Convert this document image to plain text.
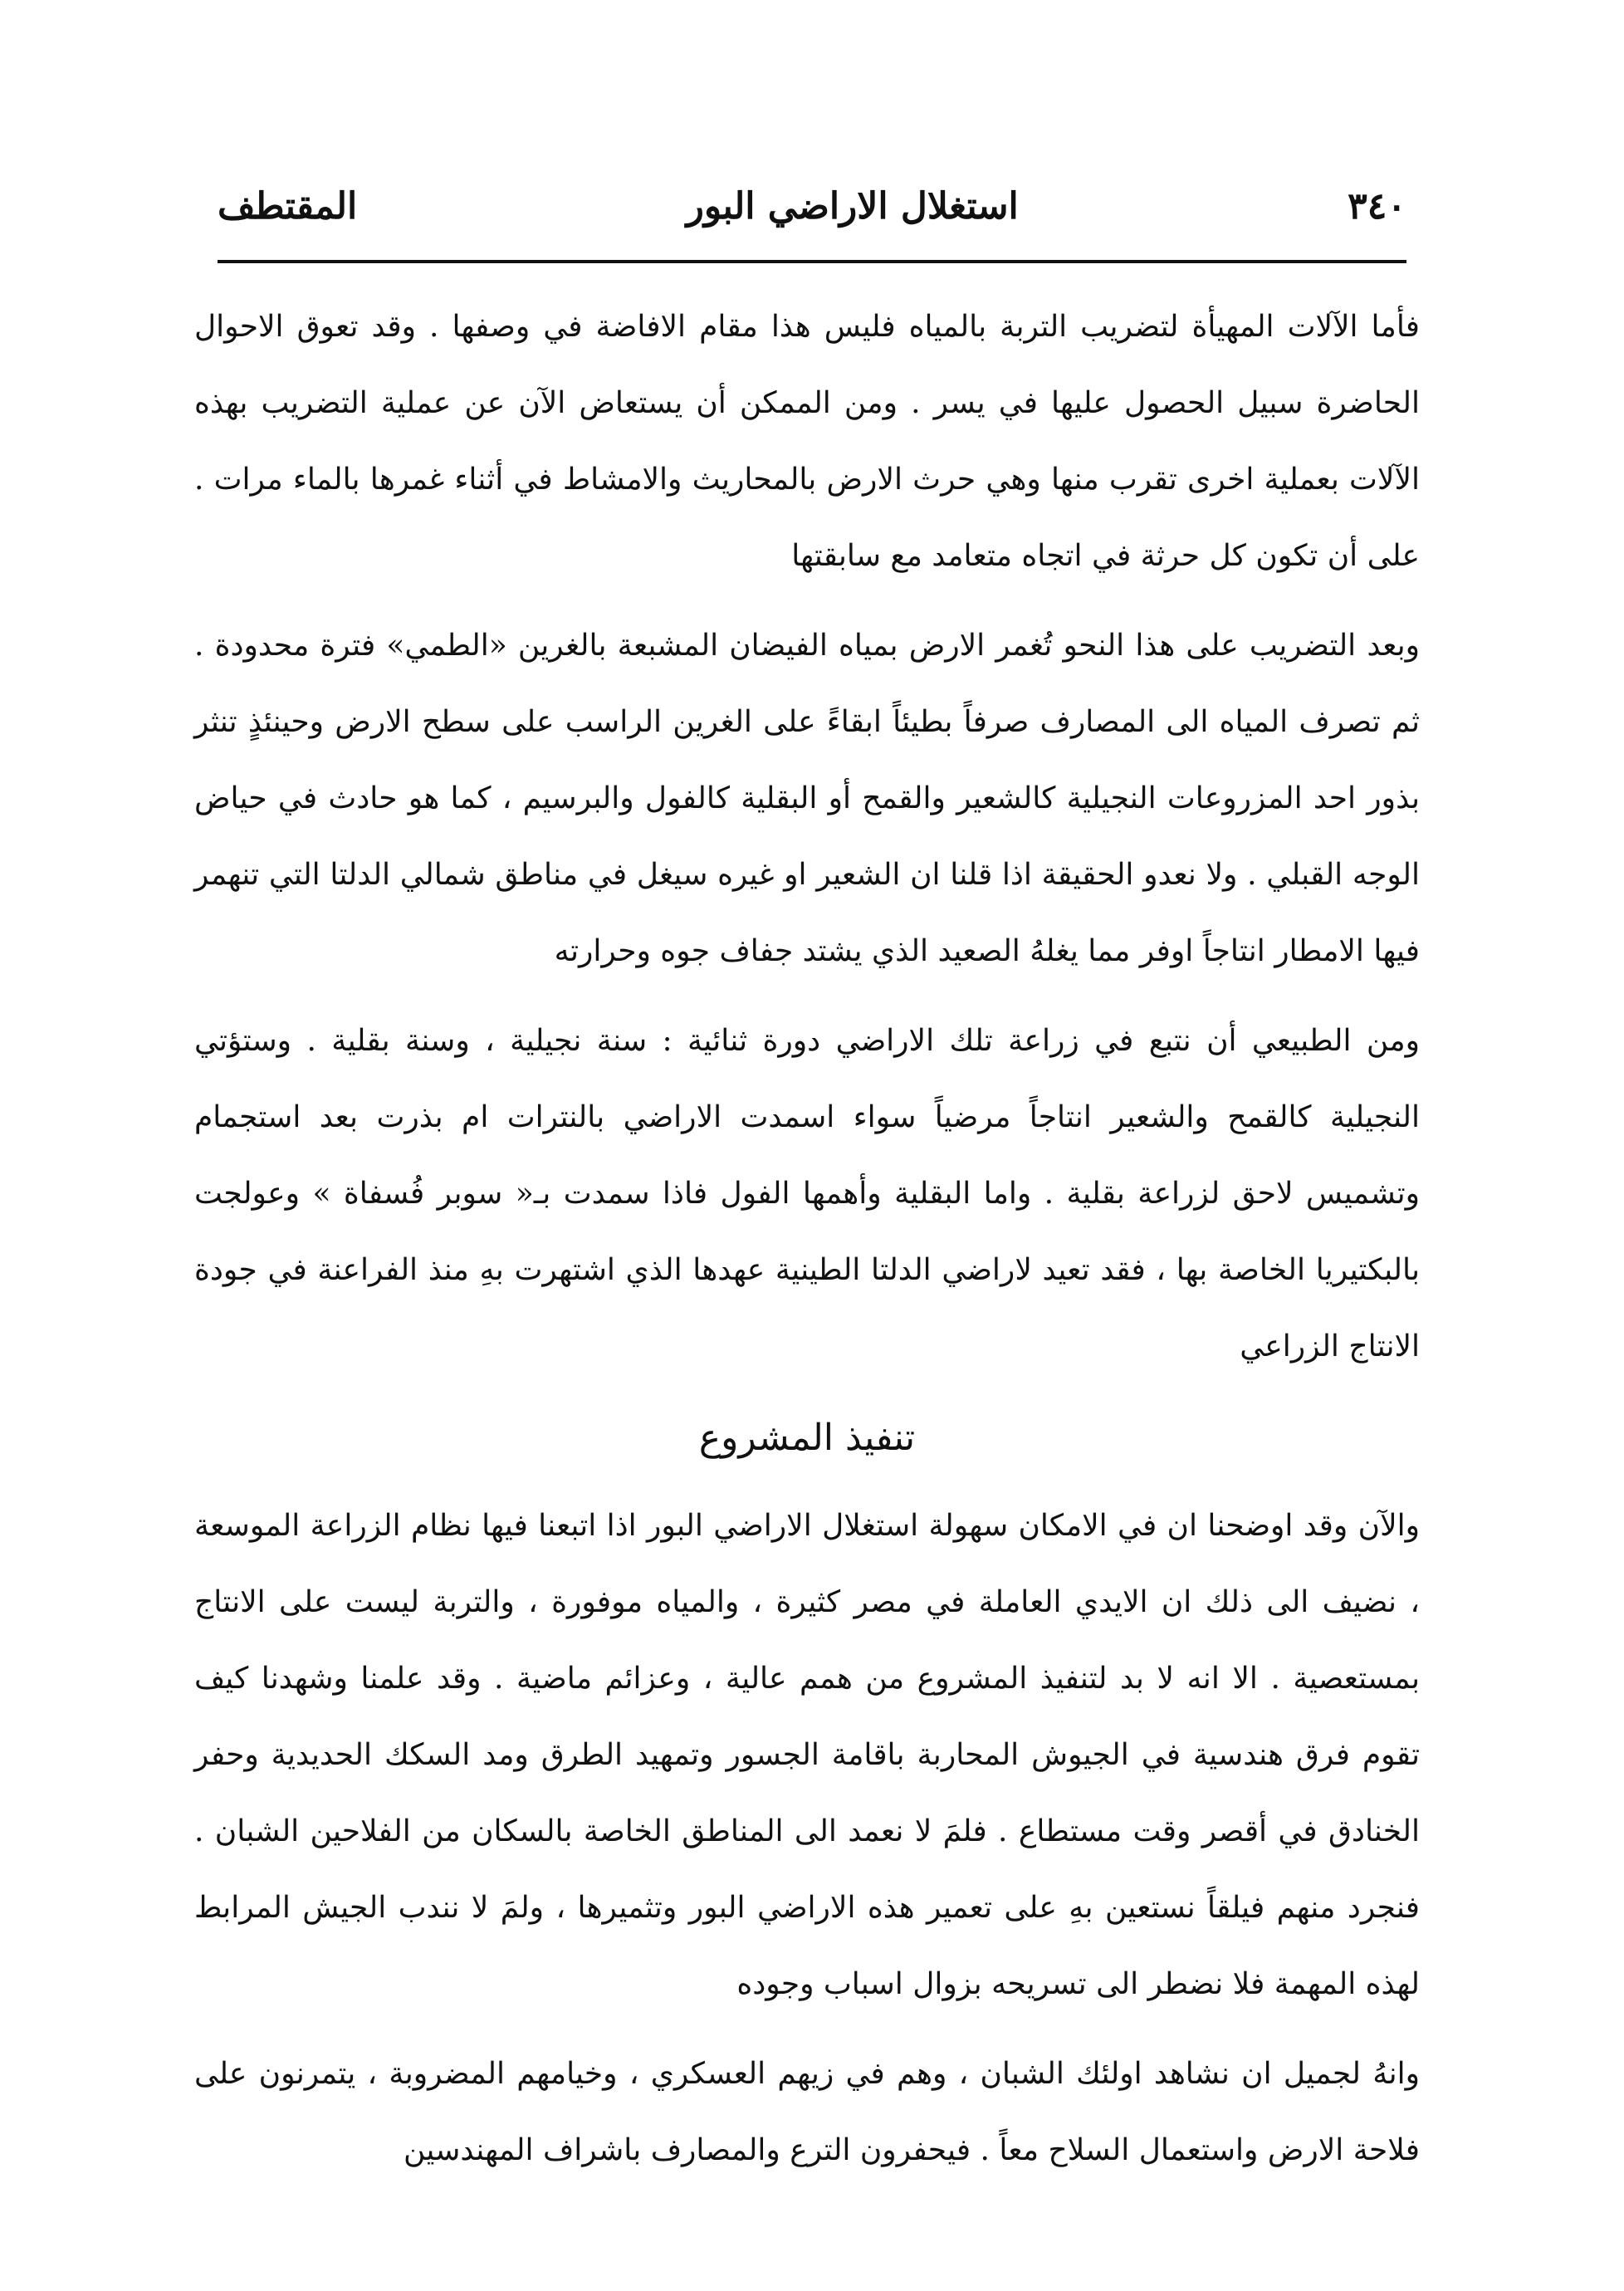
المقتطف	استغلال الاراضي البور	٣٤٠

فأما الآلات المهيأة لتضريب التربة بالمياه فليس هذا مقام الافاضة في وصفها . وقد تعوق الاحوال الحاضرة سبيل الحصول عليها في يسر . ومن الممكن أن يستعاض الآن عن عملية التضريب بهذه الآلات بعملية اخرى تقرب منها وهي حرث الارض بالمحاريث والامشاط في أثناء غمرها بالماء مرات . على أن تكون كل حرثة في اتجاه متعامد مع سابقتها

وبعد التضريب على هذا النحو تُغمر الارض بمياه الفيضان المشبعة بالغرين «الطمي» فترة محدودة . ثم تصرف المياه الى المصارف صرفاً بطيئاً ابقاءً على الغرين الراسب على سطح الارض وحينئذٍ تنثر بذور احد المزروعات النجيلية كالشعير والقمح أو البقلية كالفول والبرسيم ، كما هو حادث في حياض الوجه القبلي . ولا نعدو الحقيقة اذا قلنا ان الشعير او غيره سيغل في مناطق شمالي الدلتا التي تنهمر فيها الامطار انتاجاً اوفر مما يغلهُ الصعيد الذي يشتد جفاف جوه وحرارته

ومن الطبيعي أن نتبع في زراعة تلك الاراضي دورة ثنائية : سنة نجيلية ، وسنة بقلية . وستؤتي النجيلية كالقمح والشعير انتاجاً مرضياً سواء اسمدت الاراضي بالنترات ام بذرت بعد استجمام وتشميس لاحق لزراعة بقلية . واما البقلية وأهمها الفول فاذا سمدت بـ« سوبر فُسفاة » وعولجت بالبكتيريا الخاصة بها ، فقد تعيد لاراضي الدلتا الطينية عهدها الذي اشتهرت بهِ منذ الفراعنة في جودة الانتاج الزراعي

تنفيذ المشروع

والآن وقد اوضحنا ان في الامكان سهولة استغلال الاراضي البور اذا اتبعنا فيها نظام الزراعة الموسعة ، نضيف الى ذلك ان الايدي العاملة في مصر كثيرة ، والمياه موفورة ، والتربة ليست على الانتاج بمستعصية . الا انه لا بد لتنفيذ المشروع من همم عالية ، وعزائم ماضية . وقد علمنا وشهدنا كيف تقوم فرق هندسية في الجيوش المحاربة باقامة الجسور وتمهيد الطرق ومد السكك الحديدية وحفر الخنادق في أقصر وقت مستطاع . فلمَ لا نعمد الى المناطق الخاصة بالسكان من الفلاحين الشبان . فنجرد منهم فيلقاً نستعين بهِ على تعمير هذه الاراضي البور وتثميرها ، ولمَ لا نندب الجيش المرابط لهذه المهمة فلا نضطر الى تسريحه بزوال اسباب وجوده

وانهُ لجميل ان نشاهد اولئك الشبان ، وهم في زيهم العسكري ، وخيامهم المضروبة ، يتمرنون على فلاحة الارض واستعمال السلاح معاً . فيحفرون الترع والمصارف باشراف المهندسين
